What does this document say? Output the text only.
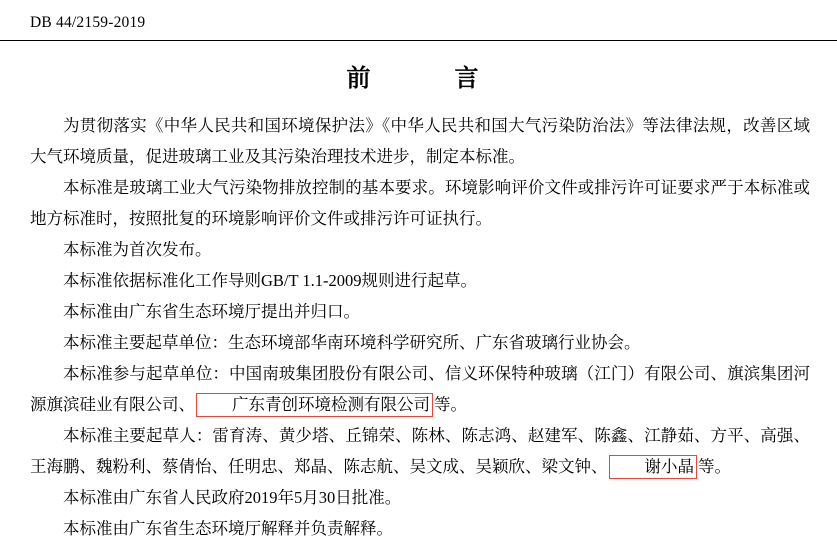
DB 44/2159-2019
前　　言
为贯彻落实《中华人民共和国环境保护法》《中华人民共和国大气污染防治法》等法律法规，改善区域大气环境质量，促进玻璃工业及其污染治理技术进步，制定本标准。
本标准是玻璃工业大气污染物排放控制的基本要求。环境影响评价文件或排污许可证要求严于本标准或地方标准时，按照批复的环境影响评价文件或排污许可证执行。
本标准为首次发布。
本标准依据标准化工作导则GB/T 1.1-2009规则进行起草。
本标准由广东省生态环境厅提出并归口。
本标准主要起草单位：生态环境部华南环境科学研究所、广东省玻璃行业协会。
本标准参与起草单位：中国南玻集团股份有限公司、信义环保特种玻璃（江门）有限公司、旗滨集团河源旗滨硅业有限公司、 广东青创环境检测有限公司 等。
本标准主要起草人：雷育涛、黄少塔、丘锦荣、陈林、陈志鸿、赵建军、陈鑫、江静茹、方平、高强、王海鹏、魏粉利、蔡倩怡、任明忠、郑晶、陈志航、吴文成、吴颖欣、梁文钟、 谢小晶 等。
本标准由广东省人民政府2019年5月30日批准。
本标准由广东省生态环境厅解释并负责解释。
